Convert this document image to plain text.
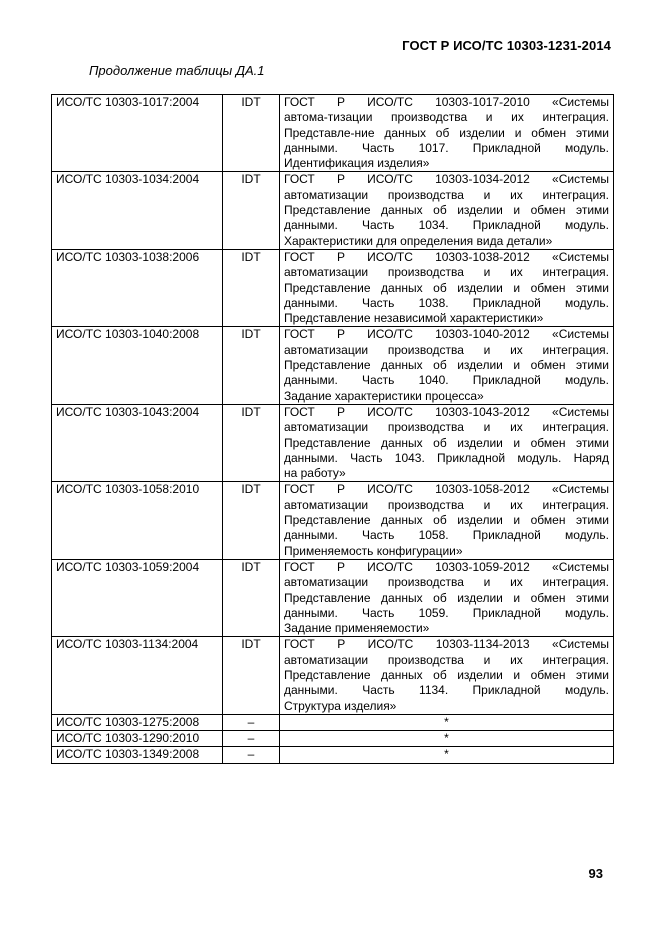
ГОСТ Р ИСО/ТС 10303-1231-2014
Продолжение таблицы ДА.1
ИСО/ТС 10303-1017:2004	IDT	ГОСТ Р ИСО/ТС 10303-1017-2010 «Системы
автома-тизации производства и их интеграция.
Представле-ние данных об изделии и обмен этими
данными. Часть 1017. Прикладной модуль.
Идентификация изделия»

ИСО/ТС 10303-1034:2004	IDT	ГОСТ Р ИСО/ТС 10303-1034-2012 «Системы
автоматизации производства и их интеграция.
Представление данных об изделии и обмен этими
данными. Часть 1034. Прикладной модуль.
Характеристики для определения вида детали»

ИСО/ТС 10303-1038:2006	IDT	ГОСТ Р ИСО/ТС 10303-1038-2012 «Системы
автоматизации производства и их интеграция.
Представление данных об изделии и обмен этими
данными. Часть 1038. Прикладной модуль.
Представление независимой характеристики»

ИСО/ТС 10303-1040:2008	IDT	ГОСТ Р ИСО/ТС 10303-1040-2012 «Системы
автоматизации производства и их интеграция.
Представление данных об изделии и обмен этими
данными. Часть 1040. Прикладной модуль.
Задание характеристики процесса»

ИСО/ТС 10303-1043:2004	IDT	ГОСТ Р ИСО/ТС 10303-1043-2012 «Системы
автоматизации производства и их интеграция.
Представление данных об изделии и обмен этими
данными. Часть 1043. Прикладной модуль. Наряд
на работу»

ИСО/ТС 10303-1058:2010	IDT	ГОСТ Р ИСО/ТС 10303-1058-2012 «Системы
автоматизации производства и их интеграция.
Представление данных об изделии и обмен этими
данными. Часть 1058. Прикладной модуль.
Применяемость конфигурации»

ИСО/ТС 10303-1059:2004	IDT	ГОСТ Р ИСО/ТС 10303-1059-2012 «Системы
автоматизации производства и их интеграция.
Представление данных об изделии и обмен этими
данными. Часть 1059. Прикладной модуль.
Задание применяемости»

ИСО/ТС 10303-1134:2004	IDT	ГОСТ Р ИСО/ТС 10303-1134-2013 «Системы
автоматизации производства и их интеграция.
Представление данных об изделии и обмен этими
данными. Часть 1134. Прикладной модуль.
Структура изделия»

ИСО/ТС 10303-1275:2008	–	*

ИСО/ТС 10303-1290:2010	–	*

ИСО/ТС 10303-1349:2008	–	*
93
